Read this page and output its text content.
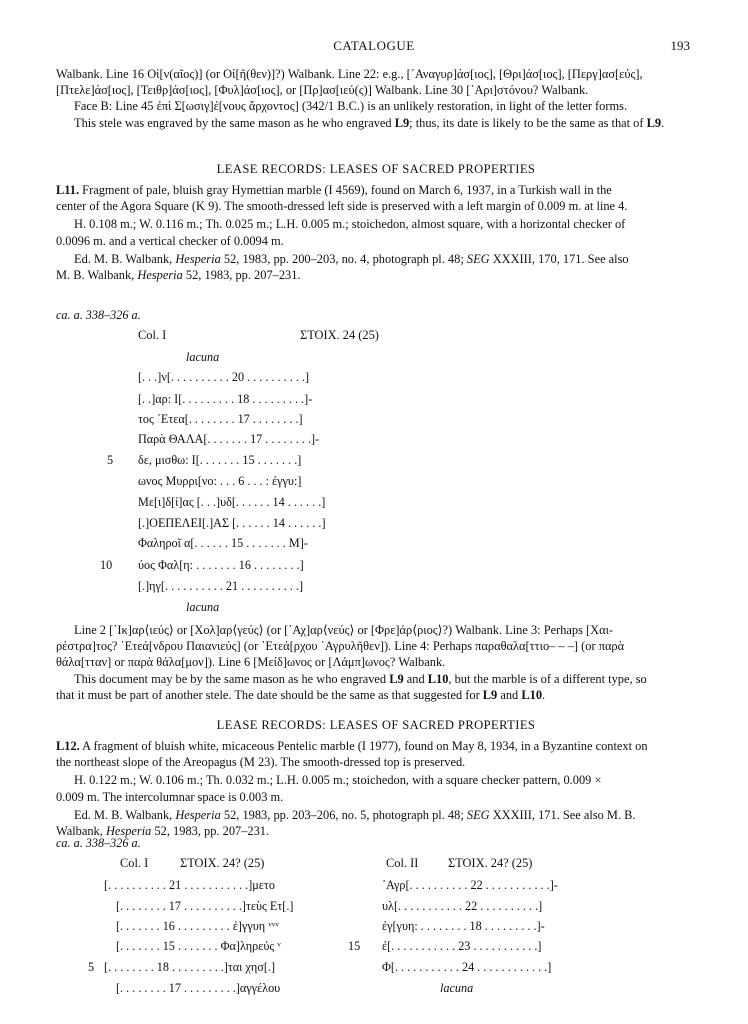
CATALOGUE	193
Walbank. Line 16 Οἰ[ν(αῖος)] (or Οἰ[ῆ(θεν)]?) Walbank. Line 22: e.g., [᾿Αναγυρ]άσ[ιος], [Θρι]άσ[ιος], [Περγ]ασ[εύς],
[Πτελε]άσ[ιος], [Τειθρ]άσ[ιος], [Φυλ]άσ[ιος], or [Πρ]ασ[ιεύ(ς)] Walbank. Line 30 [᾿Αρι]στόνου? Walbank.
Face B: Line 45 ἐπὶ Σ[ωσιγ]έ[νους ἄρχοντος] (342/1 B.C.) is an unlikely restoration, in light of the letter forms.
This stele was engraved by the same mason as he who engraved L9; thus, its date is likely to be the same as that of L9.
LEASE RECORDS: LEASES OF SACRED PROPERTIES
L11. Fragment of pale, bluish gray Hymettian marble (I 4569), found on March 6, 1937, in a Turkish wall in the
center of the Agora Square (K 9). The smooth-dressed left side is preserved with a left margin of 0.009 m. at line 4.
H. 0.108 m.; W. 0.116 m.; Th. 0.025 m.; L.H. 0.005 m.; stoichedon, almost square, with a horizontal checker of
0.0096 m. and a vertical checker of 0.0094 m.
Ed. M. B. Walbank, Hesperia 52, 1983, pp. 200–203, no. 4, photograph pl. 48; SEG XXXIII, 170, 171. See also
M. B. Walbank, Hesperia 52, 1983, pp. 207–231.
ca. a. 338–326 a.
Col. I	ΣΤΟΙΧ. 24 (25)
lacuna
[. . .]ν[. . . . . . . . . . 20 . . . . . . . . . .]
[. .]αρ: Ι[. . . . . . . . . 18 . . . . . . . . .]-
τος ᾿Ετεα[. . . . . . . . 17 . . . . . . . .]
Παρὰ ΘΑΛΑ[. . . . . . . 17 . . . . . . . .]-
5 δε, μισθω: Ι[. . . . . . . 15 . . . . . . .]
ωνος Μυρρι[νο: . . . 6 . . . : ἐγγυ:]
Με[ι]δ[ί]ας [. . .]υδ[. . . . . . 14 . . . . . .]
[.]ΟΕΠΕΛΕΙ[.]ΑΣ [. . . . . . 14 . . . . . .]
Φαληροῖ α[. . . . . . 15 . . . . . . . M]-
10 ύος Φαλ[η: . . . . . . . 16 . . . . . . . .]
[.]ηγ[. . . . . . . . . . 21 . . . . . . . . . .]
lacuna
Line 2 [᾿Ικ]αρ⟨ιεύς⟩ or [Χολ]αρ⟨γεύς⟩ (or [᾿Αχ]αρ⟨νεύς⟩ or [Φρε]άρ⟨ριος⟩?) Walbank. Line 3: Perhaps [Χαι-
ρέστρα]τος? ᾿Ετεά[νδρου Παιανιεύς] (or ᾿Ετεά[ρχου ᾿Αγρυλῆθεν]). Line 4: Perhaps παραθαλα[ττιο– – –] (or παρὰ
θάλα[τταν] or παρὰ θάλα[μον]). Line 6 [Μείδ]ωνος or [Λάμπ]ωνος? Walbank.
This document may be by the same mason as he who engraved L9 and L10, but the marble is of a different type, so
that it must be part of another stele. The date should be the same as that suggested for L9 and L10.
LEASE RECORDS: LEASES OF SACRED PROPERTIES
L12. A fragment of bluish white, micaceous Pentelic marble (I 1977), found on May 8, 1934, in a Byzantine context on
the northeast slope of the Areopagus (M 23). The smooth-dressed top is preserved.
H. 0.122 m.; W. 0.106 m.; Th. 0.032 m.; L.H. 0.005 m.; stoichedon, with a square checker pattern, 0.009 ×
0.009 m. The intercolumnar space is 0.003 m.
Ed. M. B. Walbank, Hesperia 52, 1983, pp. 203–206, no. 5, photograph pl. 48; SEG XXXIII, 171. See also M. B.
Walbank, Hesperia 52, 1983, pp. 207–231.
ca. a. 338–326 a.
Col. I	ΣΤΟΙΧ. 24? (25)	Col. II ΣΤΟΙΧ. 24? (25)
[. . . . . . . . . . 21 . . . . . . . . . . .]μετο
[. . . . . . . . 17 . . . . . . . . . .]τεὺς Ετ[.]
[. . . . . . . 16 . . . . . . . . . ἐ]γγυη ᵛᵛᵛ
[. . . . . . . 15 . . . . . . . Φα]ληρεύς ᵛ
5 [. . . . . . . . 18 . . . . . . . . .]ται χησ[.]
[. . . . . . . . 17 . . . . . . . . .]αγγέλου
᾿Αγρ[. . . . . . . . . . 22 . . . . . . . . . . .]-
υλ[. . . . . . . . . . . 22 . . . . . . . . . .]
ἐγ[γυη: . . . . . . . . 18 . . . . . . . . .]-
15 ἐ[. . . . . . . . . . . 23 . . . . . . . . . . .]
Φ[. . . . . . . . . . . 24 . . . . . . . . . . . .]
lacuna
